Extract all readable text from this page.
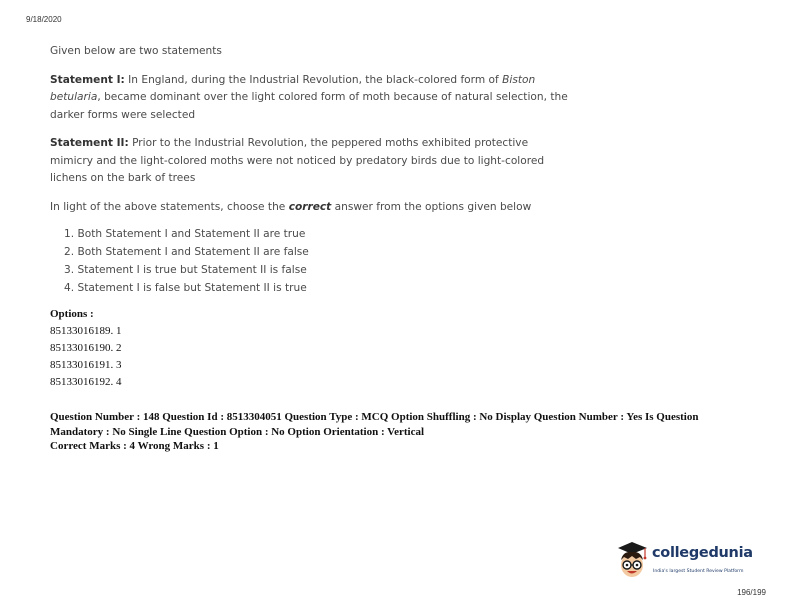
9/18/2020

Given below are two statements

Statement I: In England, during the Industrial Revolution, the black-colored form of Biston betularia, became dominant over the light colored form of moth because of natural selection, the darker forms were selected

Statement II: Prior to the Industrial Revolution, the peppered moths exhibited protective mimicry and the light-colored moths were not noticed by predatory birds due to light-colored lichens on the bark of trees

In light of the above statements, choose the correct answer from the options given below

1. Both Statement I and Statement II are true
2. Both Statement I and Statement II are false
3. Statement I is true but Statement II is false
4. Statement I is false but Statement II is true
Options :
85133016189. 1
85133016190. 2
85133016191. 3
85133016192. 4

Question Number : 148 Question Id : 8513304051 Question Type : MCQ Option Shuffling : No Display Question Number : Yes Is Question Mandatory : No Single Line Question Option : No Option Orientation : Vertical

Correct Marks : 4 Wrong Marks : 1

collegedunia
India's largest Student Review Platform
196/199
